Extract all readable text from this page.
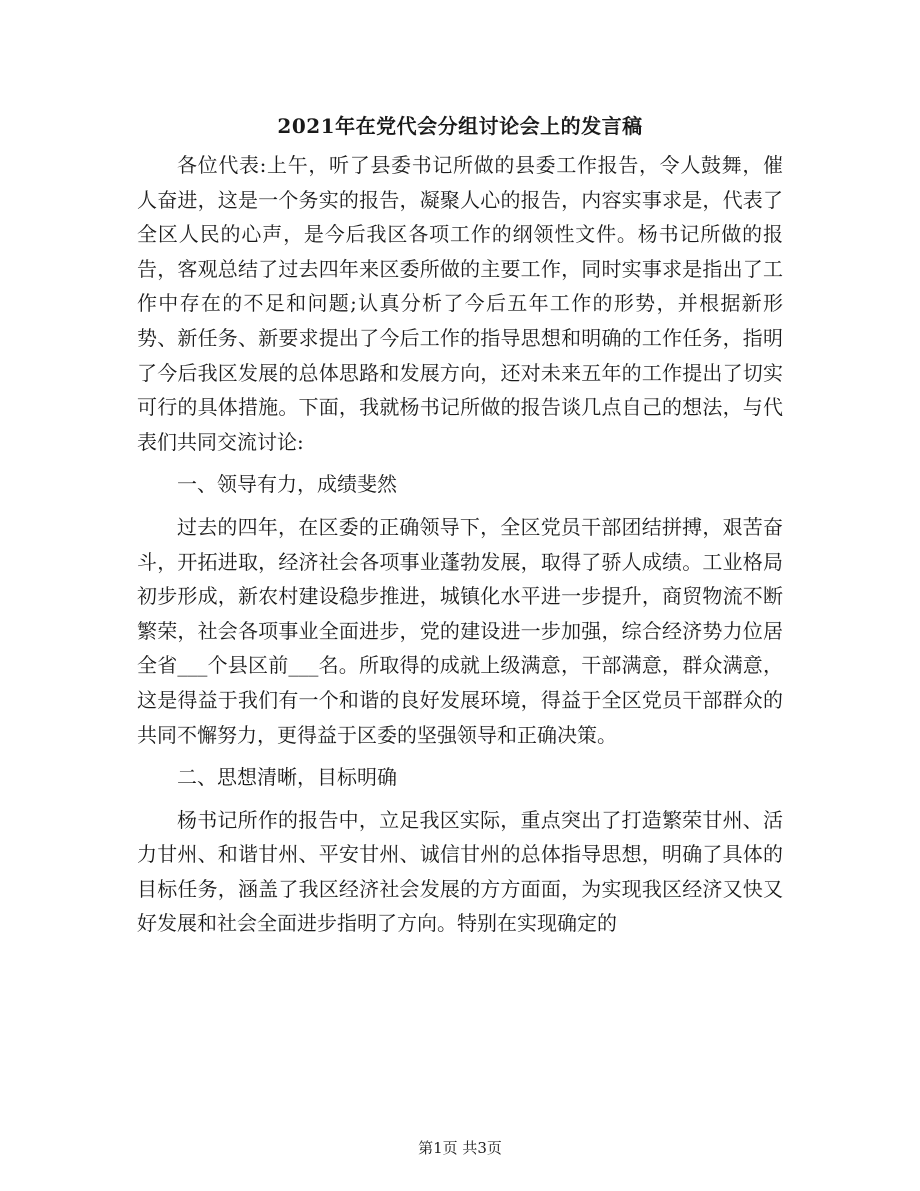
2021年在党代会分组讨论会上的发言稿

各位代表:上午，听了县委书记所做的县委工作报告，令人鼓舞，催人奋进，这是一个务实的报告，凝聚人心的报告，内容实事求是，代表了全区人民的心声，是今后我区各项工作的纲领性文件。杨书记所做的报告，客观总结了过去四年来区委所做的主要工作，同时实事求是指出了工作中存在的不足和问题;认真分析了今后五年工作的形势，并根据新形势、新任务、新要求提出了今后工作的指导思想和明确的工作任务，指明了今后我区发展的总体思路和发展方向，还对未来五年的工作提出了切实可行的具体措施。下面，我就杨书记所做的报告谈几点自己的想法，与代表们共同交流讨论:

一、领导有力，成绩斐然

过去的四年，在区委的正确领导下，全区党员干部团结拼搏，艰苦奋斗，开拓进取，经济社会各项事业蓬勃发展，取得了骄人成绩。工业格局初步形成，新农村建设稳步推进，城镇化水平进一步提升，商贸物流不断繁荣，社会各项事业全面进步，党的建设进一步加强，综合经济势力位居全省___个县区前___名。所取得的成就上级满意，干部满意，群众满意，这是得益于我们有一个和谐的良好发展环境，得益于全区党员干部群众的共同不懈努力，更得益于区委的坚强领导和正确决策。

二、思想清晰，目标明确

杨书记所作的报告中，立足我区实际，重点突出了打造繁荣甘州、活力甘州、和谐甘州、平安甘州、诚信甘州的总体指导思想，明确了具体的目标任务，涵盖了我区经济社会发展的方方面面，为实现我区经济又快又好发展和社会全面进步指明了方向。特别在实现确定的

第1页 共3页
